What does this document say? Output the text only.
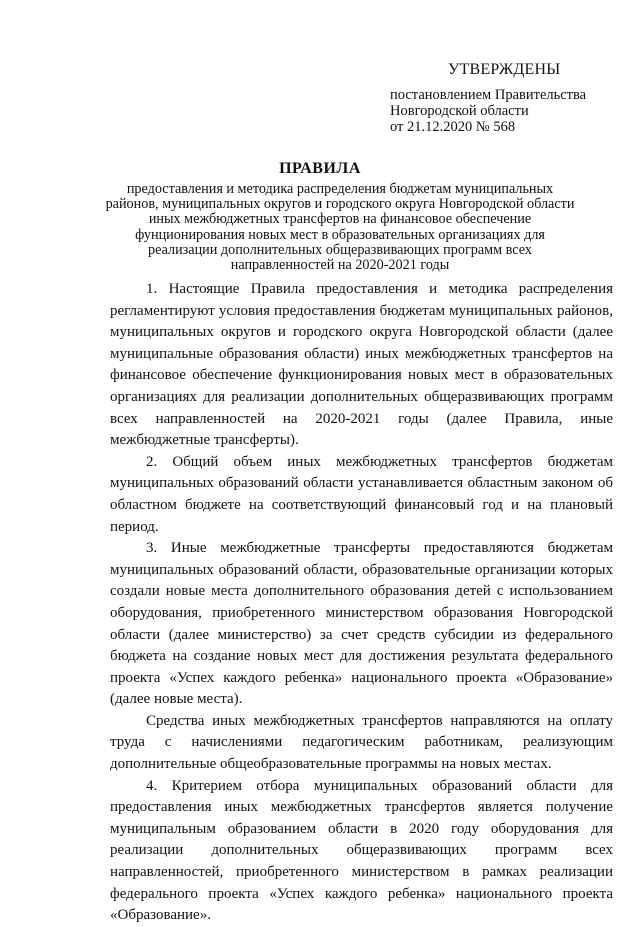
УТВЕРЖДЕНЫ
постановлением Правительства
Новгородской области
от 21.12.2020 № 568
ПРАВИЛА
предоставления и методика распределения бюджетам муниципальных
районов, муниципальных округов и городского округа Новгородской области
иных межбюджетных трансфертов на финансовое обеспечение
фунционирования новых мест в образовательных организациях для
реализации дополнительных общеразвивающих программ всех
направленностей на 2020-2021 годы

1. Настоящие Правила предоставления и методика распределения регламентируют условия предоставления бюджетам муниципальных районов, муниципальных округов и городского округа Новгородской области (далее муниципальные образования области) иных межбюджетных трансфертов на финансовое обеспечение функционирования новых мест в образовательных организациях для реализации дополнительных общеразвивающих программ всех направленностей на 2020-2021 годы (далее Правила, иные межбюджетные трансферты).

2. Общий объем иных межбюджетных трансфертов бюджетам муниципальных образований области устанавливается областным законом об областном бюджете на соответствующий финансовый год и на плановый период.

3. Иные межбюджетные трансферты предоставляются бюджетам муниципальных образований области, образовательные организации которых создали новые места дополнительного образования детей с использованием оборудования, приобретенного министерством образования Новгородской области (далее министерство) за счет средств субсидии из федерального бюджета на создание новых мест для достижения результата федерального проекта «Успех каждого ребенка» национального проекта «Образование» (далее новые места).

Средства иных межбюджетных трансфертов направляются на оплату труда с начислениями педагогическим работникам, реализующим дополнительные общеобразовательные программы на новых местах.

4. Критерием отбора муниципальных образований области для предоставления иных межбюджетных трансфертов является получение муниципальным образованием области в 2020 году оборудования для реализации дополнительных общеразвивающих программ всех направленностей, приобретенного министерством в рамках реализации федерального проекта «Успех каждого ребенка» национального проекта «Образование».
